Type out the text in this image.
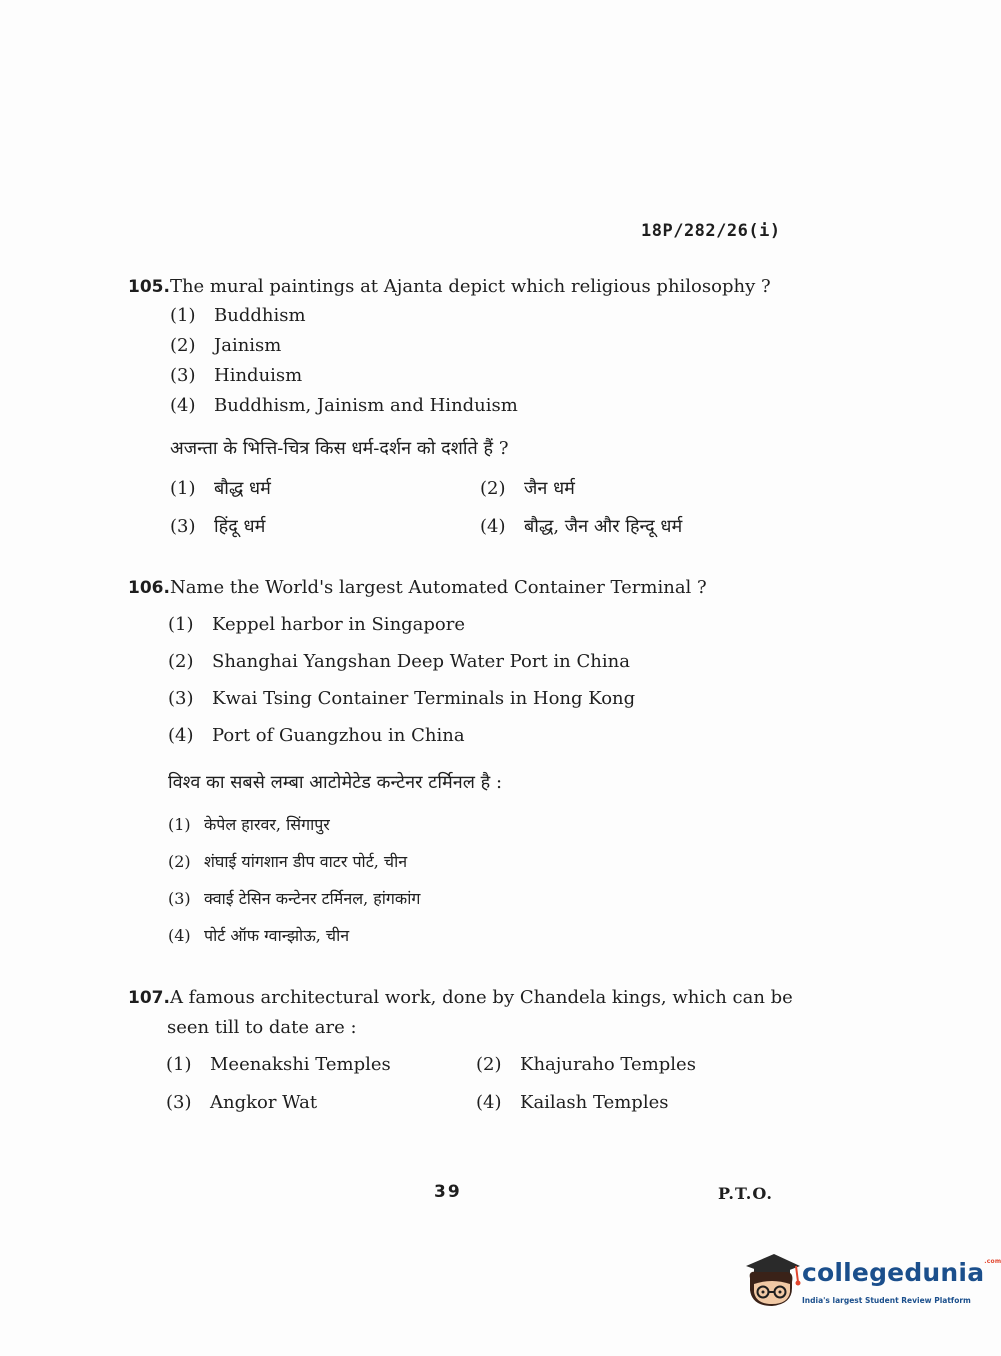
18P/282/26(i)
105.The mural paintings at Ajanta depict which religious philosophy ?
(1) Buddhism
(2) Jainism
(3) Hinduism
(4) Buddhism, Jainism and Hinduism
अजन्ता के भित्ति-चित्र किस धर्म-दर्शन को दर्शाते हैं ?
(1) बौद्ध धर्म	(2) जैन धर्म
(3) हिंदू धर्म	(4) बौद्ध, जैन और हिन्दू धर्म
106.Name the World's largest Automated Container Terminal ?
(1) Keppel harbor in Singapore
(2) Shanghai Yangshan Deep Water Port in China
(3) Kwai Tsing Container Terminals in Hong Kong
(4) Port of Guangzhou in China
विश्व का सबसे लम्बा आटोमेटेड कन्टेनर टर्मिनल है :
(1) केपेल हारवर, सिंगापुर
(2) शंघाई यांगशान डीप वाटर पोर्ट, चीन
(3) क्वाई टेसिन कन्टेनर टर्मिनल, हांगकांग
(4) पोर्ट ऑफ ग्वान्झोऊ, चीन
107.A famous architectural work, done by Chandela kings, which can be
seen till to date are :
(1) Meenakshi Temples	(2) Khajuraho Temples
(3) Angkor Wat	(4) Kailash Temples
39	P.T.O.
collegedunia$^{.com}$
India's largest Student Review Platform
